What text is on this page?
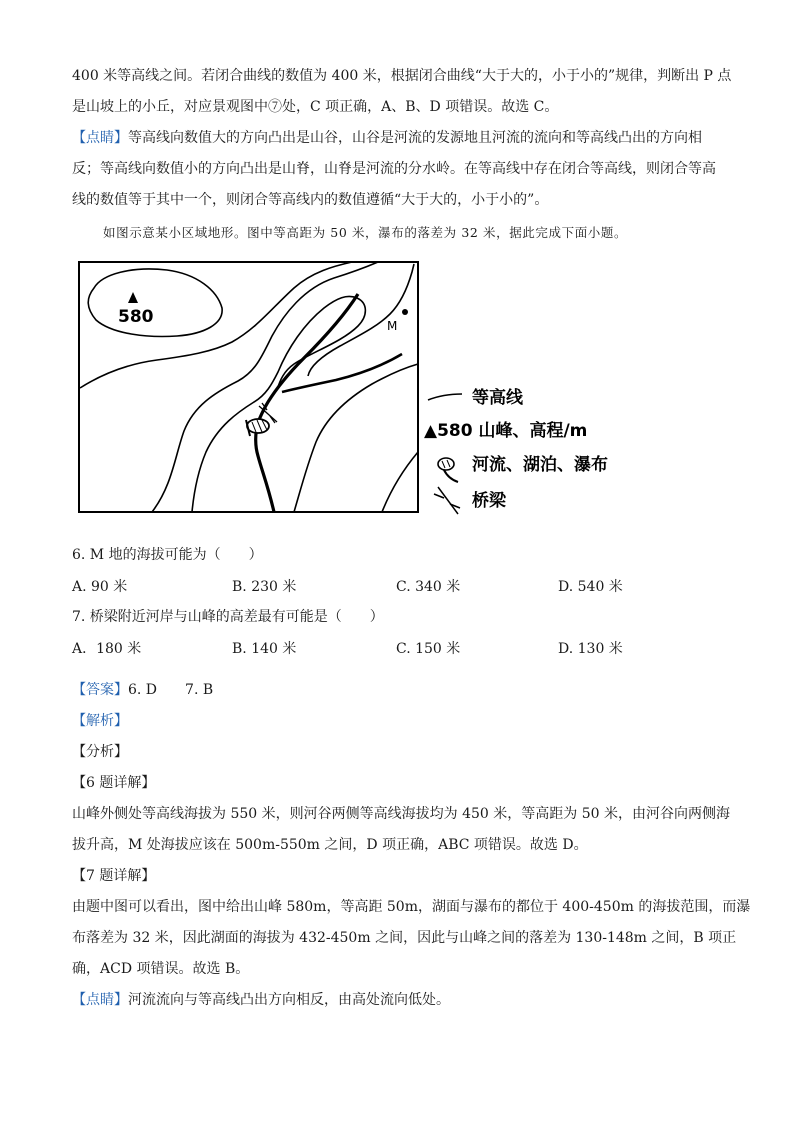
400 米等高线之间。若闭合曲线的数值为 400 米，根据闭合曲线“大于大的，小于小的”规律，判断出 P 点
是山坡上的小丘，对应景观图中⑦处，C 项正确，A、B、D 项错误。故选 C。
【点睛】等高线向数值大的方向凸出是山谷，山谷是河流的发源地且河流的流向和等高线凸出的方向相
反；等高线向数值小的方向凸出是山脊，山脊是河流的分水岭。在等高线中存在闭合等高线，则闭合等高
线的数值等于其中一个，则闭合等高线内的数值遵循“大于大的，小于小的”。
如图示意某小区域地形。图中等高距为 50 米，瀑布的落差为 32 米，据此完成下面小题。
580	M
等高线
▲580 山峰、高程/m
河流、湖泊、瀑布
桥梁
6. M 地的海拔可能为（　　）
A. 90 米	B. 230 米	C. 340 米	D. 540 米
7. 桥梁附近河岸与山峰的高差最有可能是（　　）
A．180 米	B. 140 米	C. 150 米	D. 130 米
【答案】6. D　　7. B
【解析】
【分析】
【6 题详解】
山峰外侧处等高线海拔为 550 米，则河谷两侧等高线海拔均为 450 米，等高距为 50 米，由河谷向两侧海
拔升高，M 处海拔应该在 500m-550m 之间，D 项正确，ABC 项错误。故选 D。
【7 题详解】
由题中图可以看出，图中给出山峰 580m，等高距 50m，湖面与瀑布的都位于 400-450m 的海拔范围，而瀑
布落差为 32 米，因此湖面的海拔为 432-450m 之间，因此与山峰之间的落差为 130-148m 之间，B 项正
确，ACD 项错误。故选 B。
【点睛】河流流向与等高线凸出方向相反，由高处流向低处。
